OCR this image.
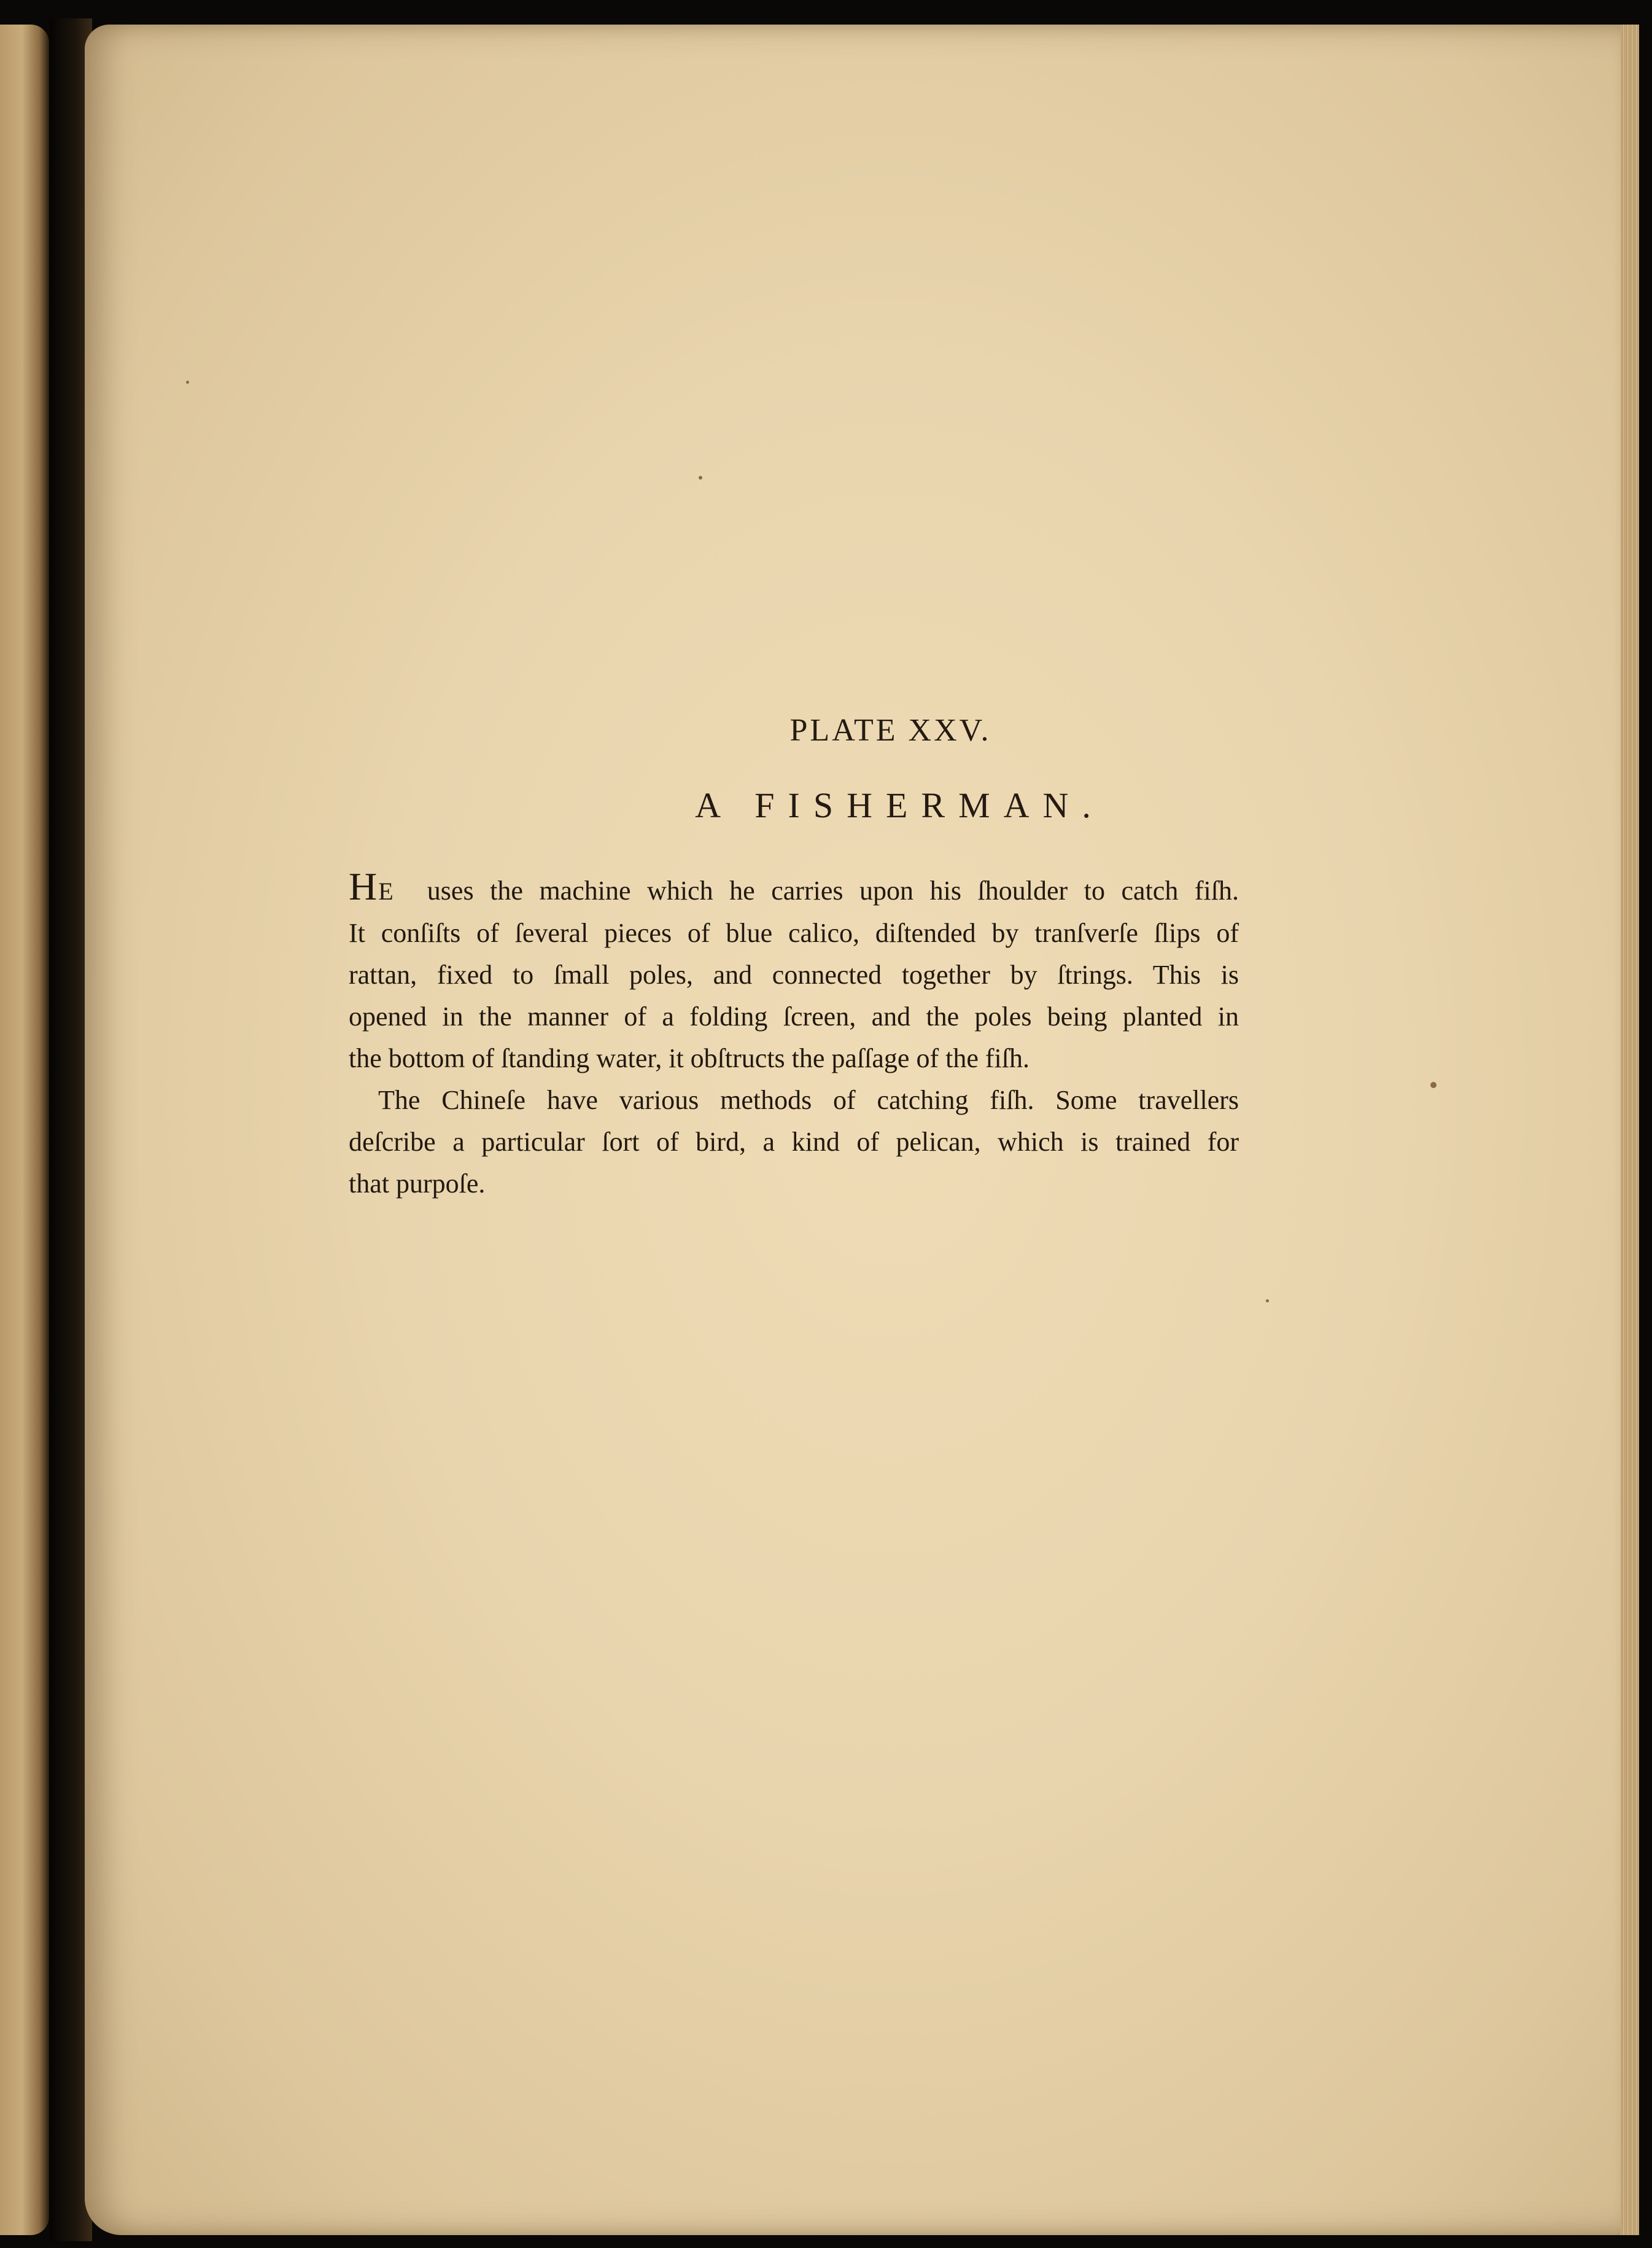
PLATE XXV.
A FISHERMAN.
HE uses the machine which he carries upon his ſhoulder to catch fiſh.
It conſiſts of ſeveral pieces of blue calico, diſtended by tranſverſe ſlips of
rattan, fixed to ſmall poles, and connected together by ſtrings. This is
opened in the manner of a folding ſcreen, and the poles being planted in
the bottom of ſtanding water, it obſtructs the paſſage of the fiſh.
The Chineſe have various methods of catching fiſh. Some travellers
deſcribe a particular ſort of bird, a kind of pelican, which is trained for
that purpoſe.
